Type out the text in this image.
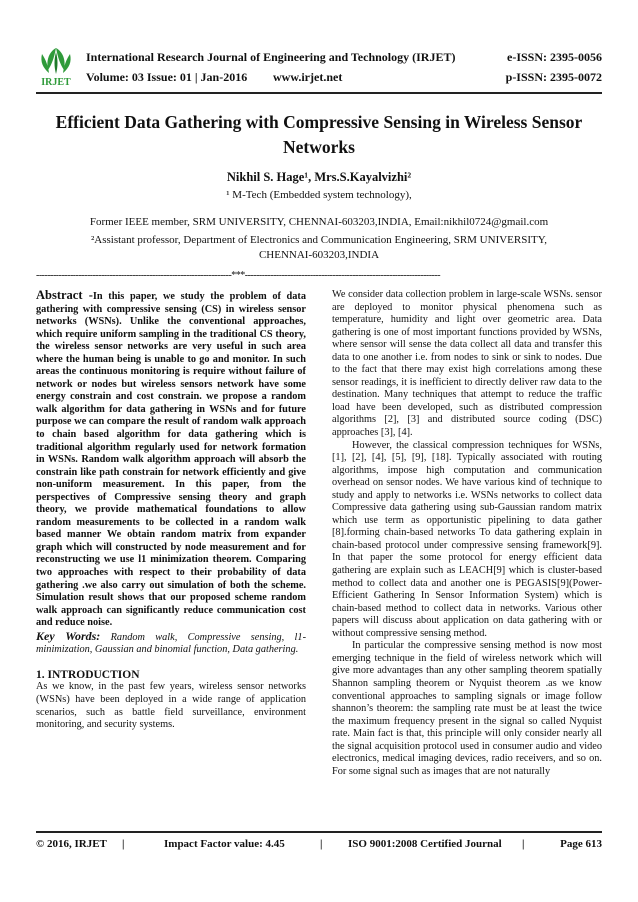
IRJET
International Research Journal of Engineering and Technology (IRJET)	e-ISSN: 2395-0056
Volume: 03 Issue: 01 | Jan-2016 www.irjet.net	p-ISSN: 2395-0072
Efficient Data Gathering with Compressive Sensing in Wireless Sensor Networks
Nikhil S. Hage¹, Mrs.S.Kayalvizhi²
¹ M-Tech (Embedded system technology),
Former IEEE member, SRM UNIVERSITY, CHENNAI-603203,INDIA, Email:nikhil0724@gmail.com
²Assistant professor, Department of Electronics and Communication Engineering, SRM UNIVERSITY,
CHENNAI-603203,INDIA
---------------------------------------------------------------------***---------------------------------------------------------------------

Abstract -In this paper, we study the problem of data gathering with compressive sensing (CS) in wireless sensor networks (WSNs). Unlike the conventional approaches, which require uniform sampling in the traditional CS theory, the wireless sensor networks are very useful in such area where the human being is unable to go and monitor. In such areas the continuous monitoring is require without failure of network or nodes but wireless sensors network have some energy constrain and cost constrain. we propose a random walk algorithm for data gathering in WSNs and for future purpose we can compare the result of random walk approach to chain based algorithm for data gathering which is traditional algorithm regularly used for network formation in WSNs. Random walk algorithm approach will absorb the constrain like path constrain for network efficiently and give non-uniform measurement. In this paper, from the perspectives of Compressive sensing theory and graph theory, we provide mathematical foundations to allow random measurements to be collected in a random walk based manner We obtain random matrix from expander graph which will constructed by node measurement and for reconstructing we use l1 minimization theorem. Comparing two approaches with respect to their probability of data gathering .we also carry out simulation of both the scheme. Simulation result shows that our proposed scheme random walk approach can significantly reduce communication cost and reduce noise.

Key Words: Random walk, Compressive sensing, l1-minimization, Gaussian and binomial function, Data gathering.

1. INTRODUCTION

As we know, in the past few years, wireless sensor networks (WSNs) have been deployed in a wide range of application scenarios, such as battle field surveillance, environment monitoring, and security systems.

We consider data collection problem in large-scale WSNs. sensor are deployed to monitor physical phenomena such as temperature, humidity and light over geometric area. Data gathering is one of most important functions provided by WSNs, where sensor will sense the data collect all data and transfer this data to one another i.e. from nodes to sink or sink to nodes. Due to the fact that there may exist high correlations among these sensor readings, it is inefficient to directly deliver raw data to the destination. Many techniques that attempt to reduce the traffic load have been developed, such as distributed compression algorithms [2], [3] and distributed source coding (DSC) approaches [3], [4].

However, the classical compression techniques for WSNs, [1], [2], [4], [5], [9], [18]. Typically associated with routing algorithms, impose high computation and communication overhead on sensor nodes. We have various kind of technique to study and apply to networks i.e. WSNs networks to collect data Compressive data gathering using sub-Gaussian random matrix which use term as opportunistic pipelining to data gather [8].forming chain-based networks To data gathering explain in chain-based protocol under compressive sensing framework[9]. In that paper the some protocol for energy efficient data gathering are explain such as LEACH[9] which is cluster-based method to collect data and another one is PEGASIS[9](Power-Efficient Gathering In Sensor Information System) which is chain-based method to collect data in networks. Various other papers will discuss about application on data gathering with or without compressive sensing method.

In particular the compressive sensing method is now most emerging technique in the field of wireless network which will give more advantages than any other sampling theorem spatially Shannon sampling theorem or Nyquist theorem .as we know conventional approaches to sampling signals or image follow shannon’s theorem: the sampling rate must be at least the twice the maximum frequency present in the signal so called Nyquist rate. Main fact is that, this principle will only consider nearly all the signal acquisition protocol used in consumer audio and video electronics, medical imaging devices, radio receivers, and so on. For some signal such as images that are not naturally

© 2016, IRJET |	Impact Factor value: 4.45	| ISO 9001:2008 Certified Journal |	Page 613
